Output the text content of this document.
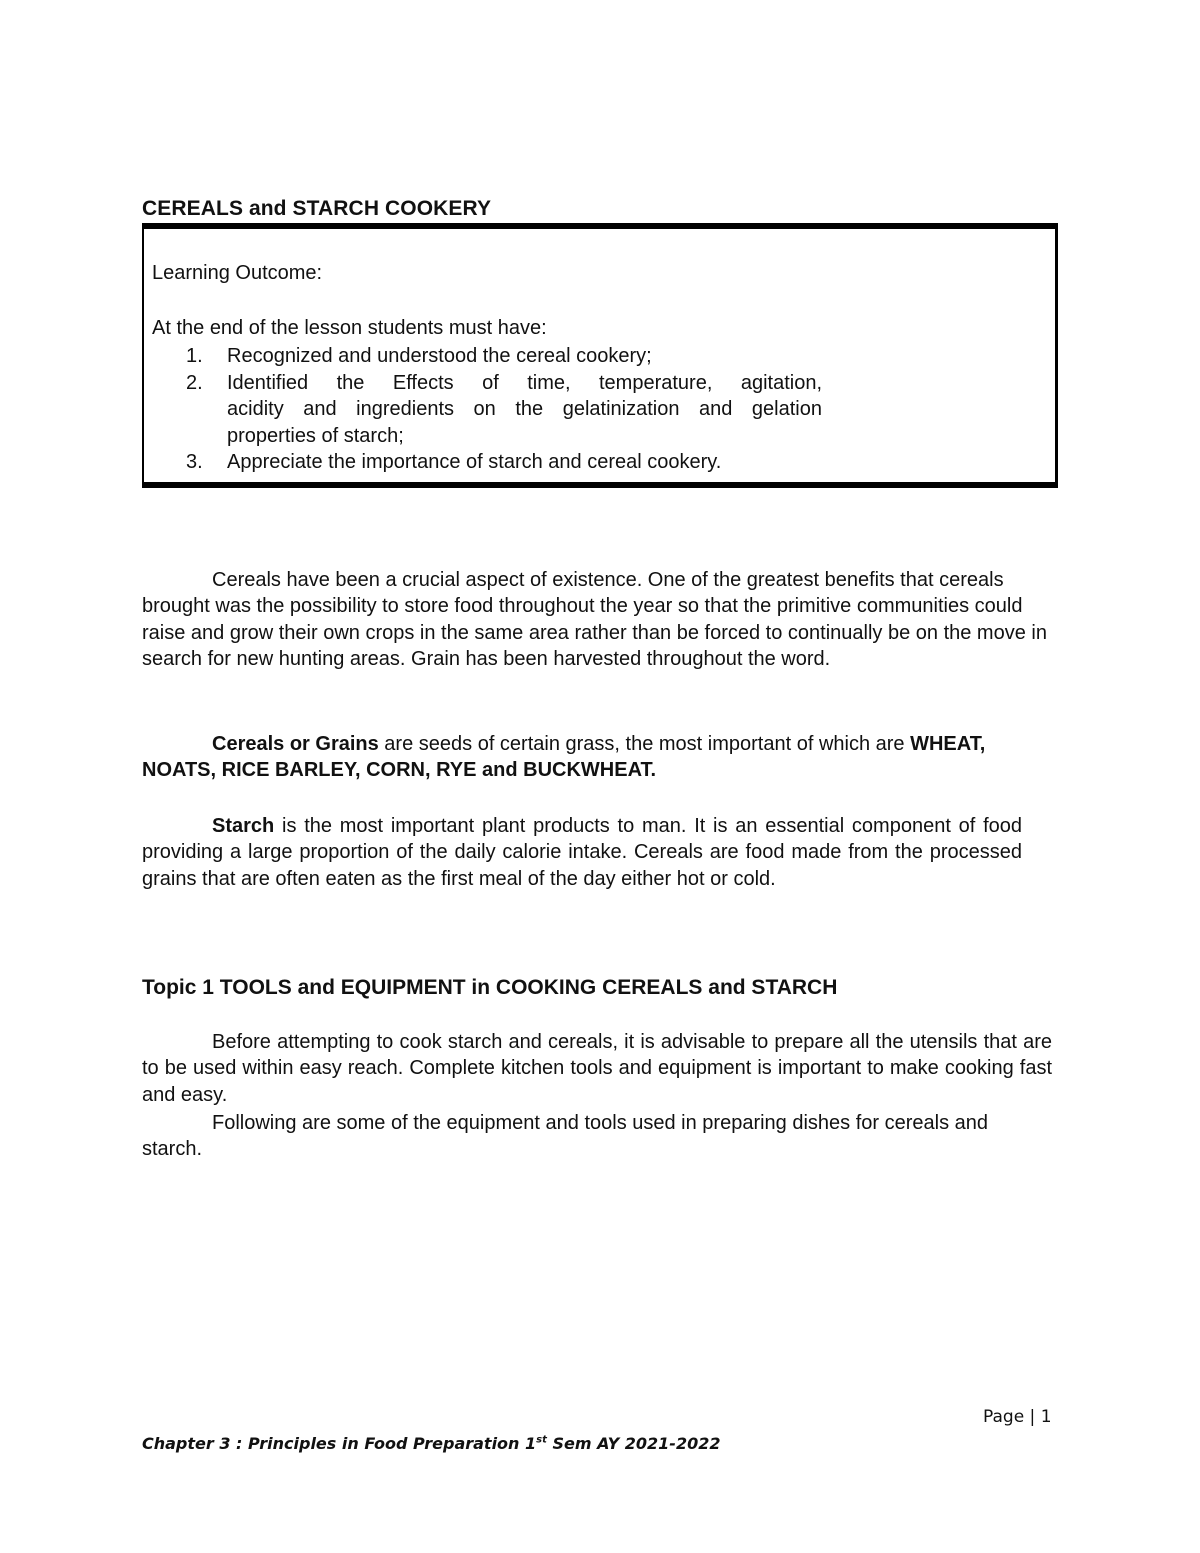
CEREALS and STARCH COOKERY
Learning Outcome:
At the end of the lesson students must have:
1. Recognized and understood the cereal cookery;
2. Identified the Effects of time, temperature, agitation,
acidity and ingredients on the gelatinization and gelation
properties of starch;
3. Appreciate the importance of starch and cereal cookery.

Cereals have been a crucial aspect of existence. One of the greatest benefits that cereals brought was the possibility to store food throughout the year so that the primitive communities could raise and grow their own crops in the same area rather than be forced to continually be on the move in search for new hunting areas. Grain has been harvested throughout the word.

Cereals or Grains are seeds of certain grass, the most important of which are WHEAT, NOATS, RICE BARLEY, CORN, RYE and BUCKWHEAT.

Starch is the most important plant products to man. It is an essential component of food providing a large proportion of the daily calorie intake. Cereals are food made from the processed grains that are often eaten as the first meal of the day either hot or cold.

Topic 1 TOOLS and EQUIPMENT in COOKING CEREALS and STARCH

Before attempting to cook starch and cereals, it is advisable to prepare all the utensils that are to be used within easy reach. Complete kitchen tools and equipment is important to make cooking fast and easy.

Following are some of the equipment and tools used in preparing dishes for cereals and starch.

Page | 1
Chapter 3 : Principles in Food Preparation 1st Sem AY 2021-2022
